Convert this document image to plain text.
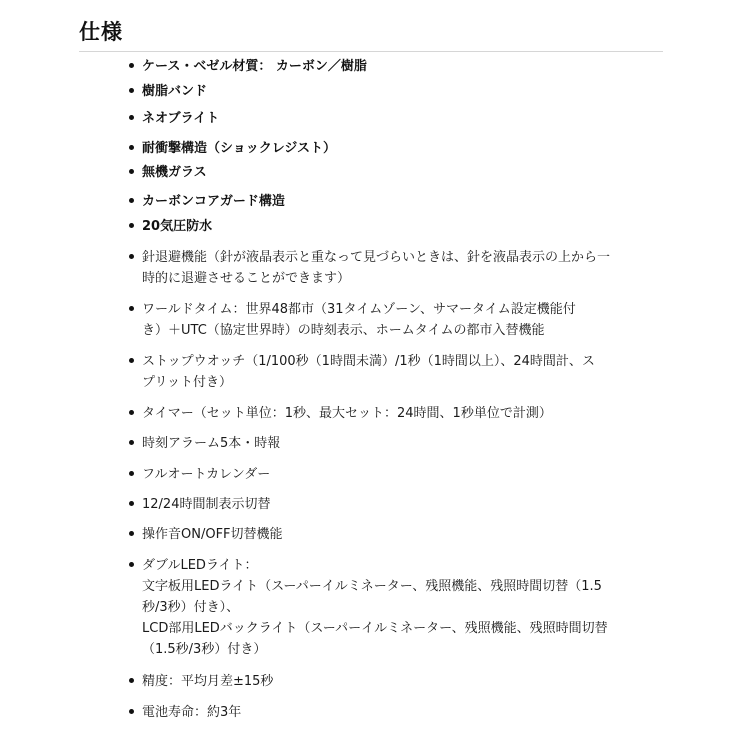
仕様
ケース・ベゼル材質： カーボン／樹脂
樹脂バンド
ネオブライト
耐衝撃構造（ショックレジスト）
無機ガラス
カーボンコアガード構造
20気圧防水
針退避機能（針が液晶表示と重なって見づらいときは、針を液晶表示の上から一
時的に退避させることができます）
ワールドタイム：世界48都市（31タイムゾーン、サマータイム設定機能付
き）＋UTC（協定世界時）の時刻表示、ホームタイムの都市入替機能
ストップウオッチ（1/100秒（1時間未満）/1秒（1時間以上）、24時間計、ス
プリット付き）
タイマー（セット単位：1秒、最大セット：24時間、1秒単位で計測）
時刻アラーム5本・時報
フルオートカレンダー
12/24時間制表示切替
操作音ON/OFF切替機能
ダブルLEDライト：
文字板用LEDライト（スーパーイルミネーター、残照機能、残照時間切替（1.5
秒/3秒）付き）、
LCD部用LEDバックライト（スーパーイルミネーター、残照機能、残照時間切替
（1.5秒/3秒）付き）
精度：平均月差±15秒
電池寿命：約3年
